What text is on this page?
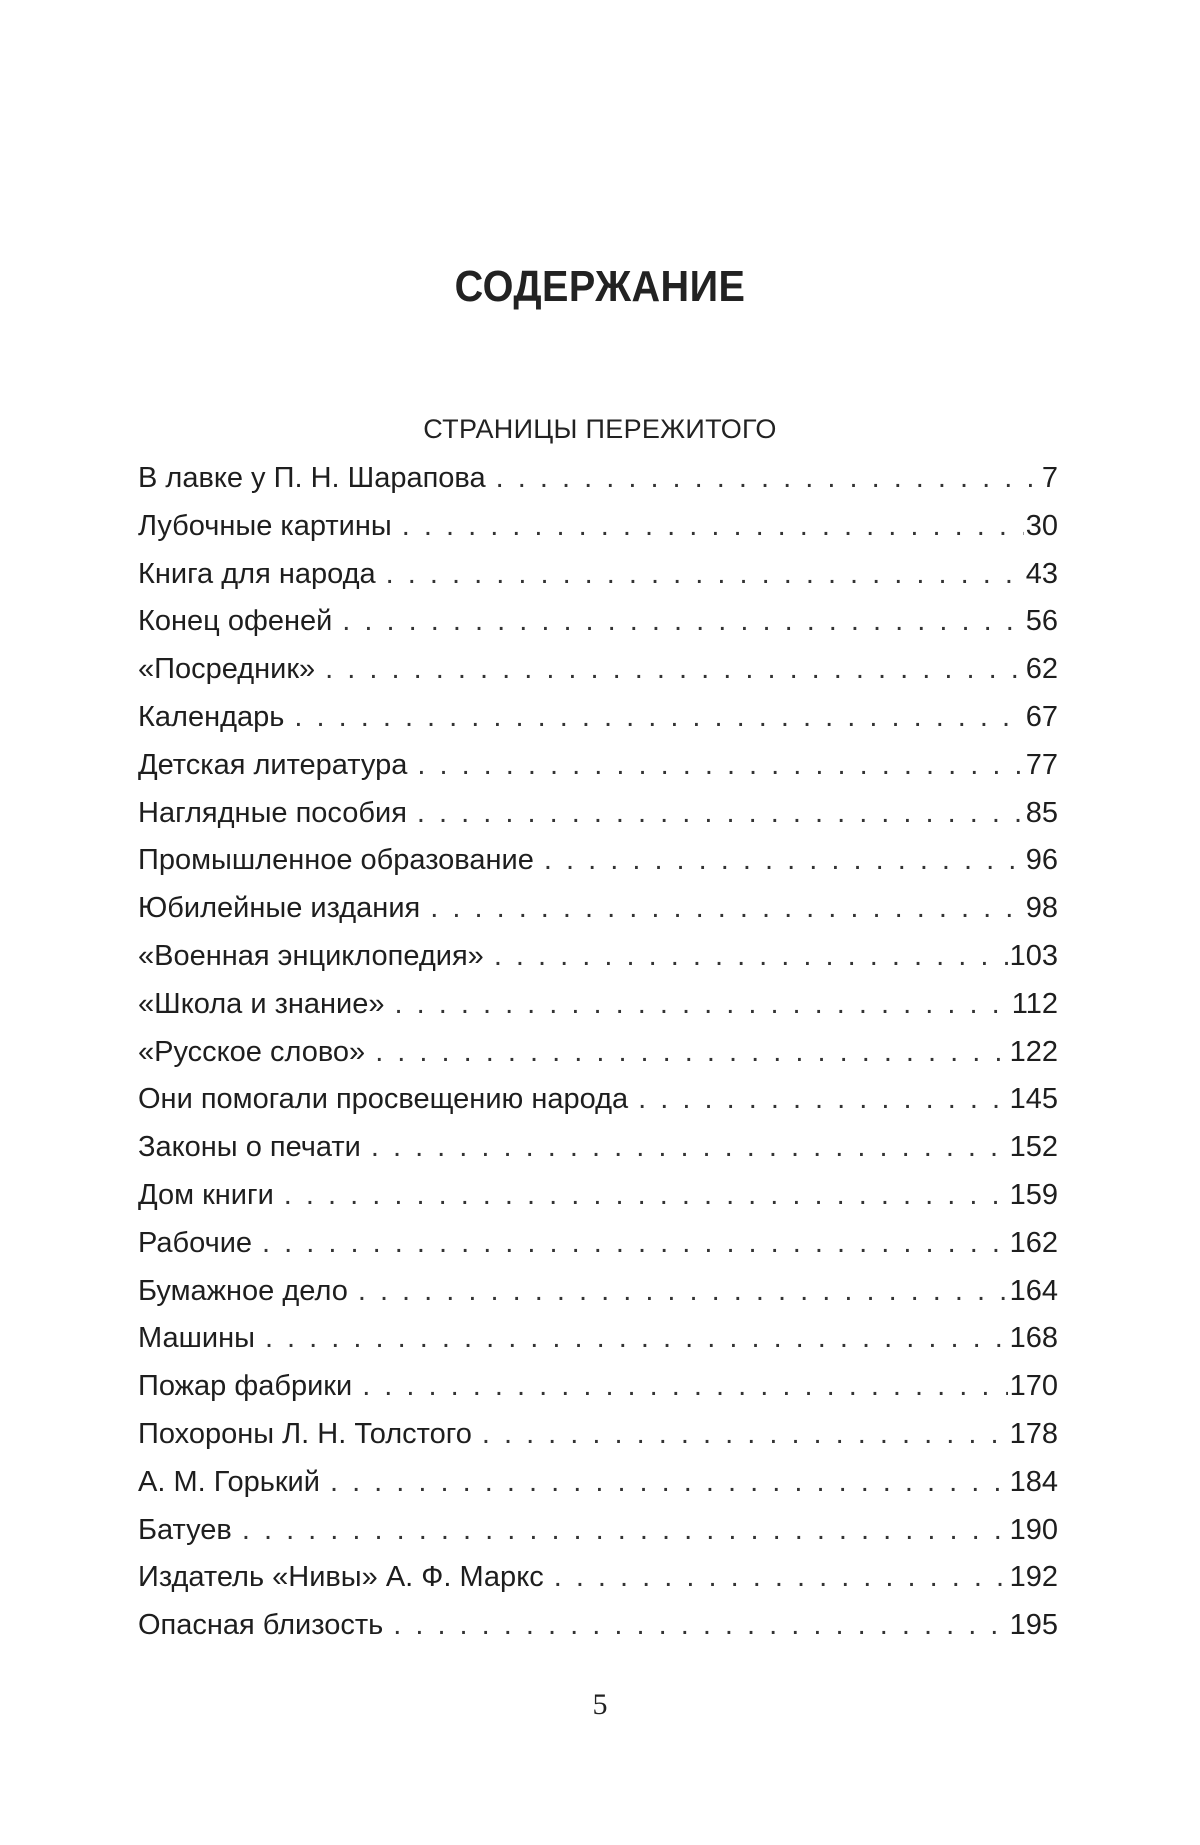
СОДЕРЖАНИЕ
СТРАНИЦЫ ПЕРЕЖИТОГО
В лавке у П. Н. Шарапова . . .	7
Лубочные картины . . .	30
Книга для народа . . .	43
Конец офеней . . .	56
«Посредник» . . .	62
Календарь . . .	67
Детская литература . . .	77
Наглядные пособия . . .	85
Промышленное образование . . .	96
Юбилейные издания . . .	98
«Военная энциклопедия» . . .	103
«Школа и знание» . . .	112
«Русское слово» . . .	122
Они помогали просвещению народа . . .	145
Законы о печати . . .	152
Дом книги . . .	159
Рабочие . . .	162
Бумажное дело . . .	164
Машины . . .	168
Пожар фабрики . . .	170
Похороны Л. Н. Толстого . . .	178
А. М. Горький . . .	184
Батуев . . .	190
Издатель «Нивы» А. Ф. Маркс . . .	192
Опасная близость . . .	195
5
